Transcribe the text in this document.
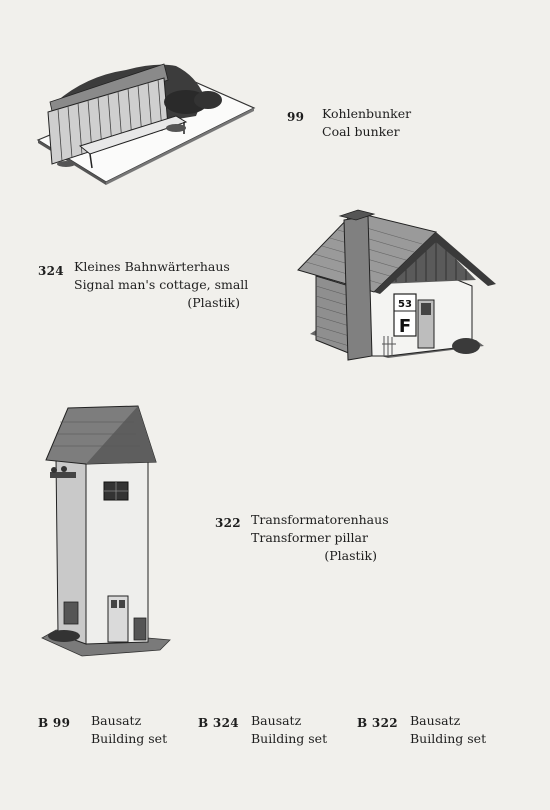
99 Kohlenbunker
Coal bunker
324 Kleines Bahnwärterhaus
Signal man's cottage, small
(Plastik)	53
F
322 Transformatorenhaus
Transformer pillar
(Plastik)
B 99 Bausatz
Building set
B 324 Bausatz
Building set
B 322 Bausatz
Building set
